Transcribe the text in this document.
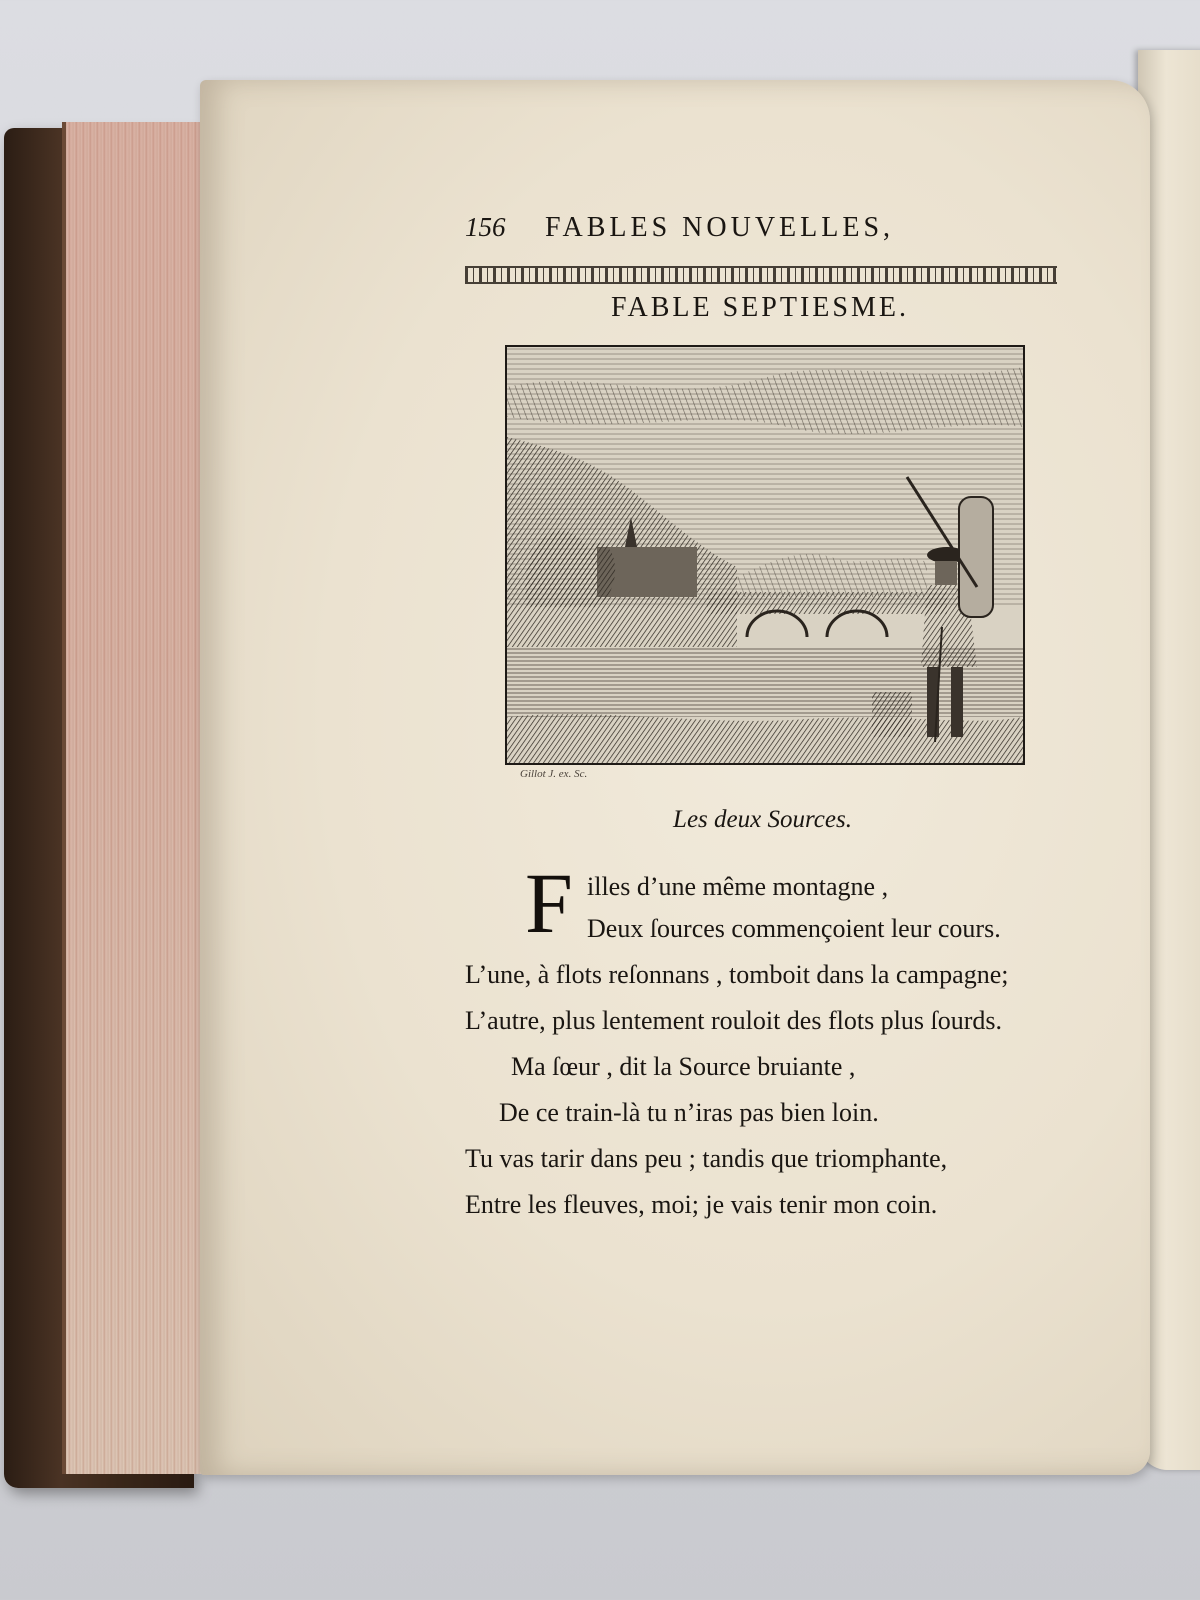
156	FABLES NOUVELLES,
FABLE SEPTIESME.
Gillot J. ex. Sc.
Les deux Sources.
F illes d’une même montagne ,
Deux ſources commençoient leur cours.
L’une, à flots reſonnans , tomboit dans la campagne;
L’autre, plus lentement rouloit des flots plus ſourds.
Ma ſœur , dit la Source bruiante ,
De ce train-là tu n’iras pas bien loin.
Tu vas tarir dans peu ; tandis que triomphante,
Entre les fleuves, moi; je vais tenir mon coin.
